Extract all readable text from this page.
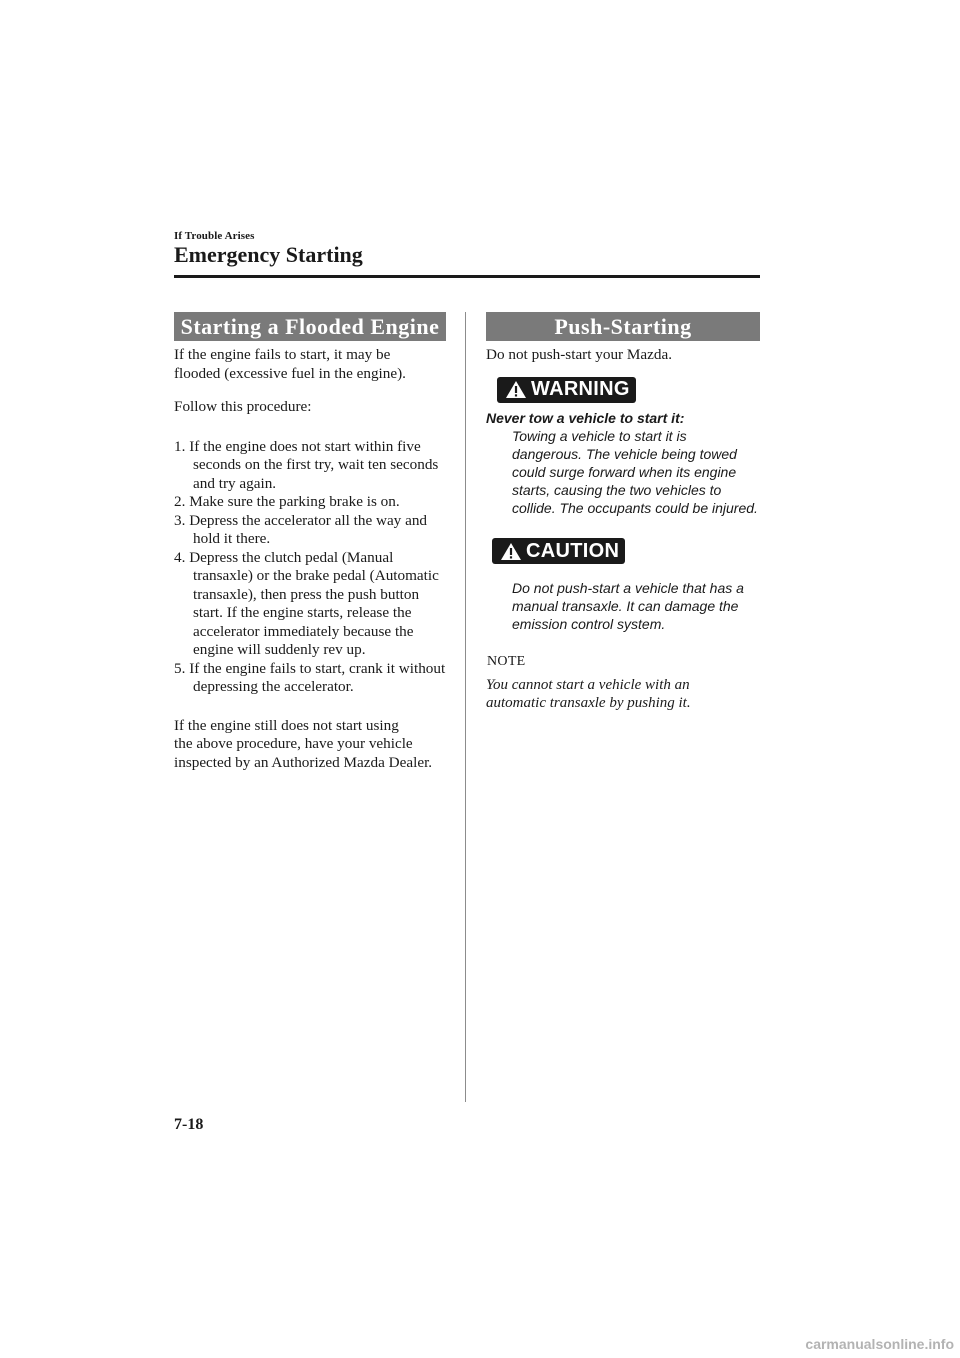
If Trouble Arises
Emergency Starting
Starting a Flooded Engine

If the engine fails to start, it may be

flooded (excessive fuel in the engine).

Follow this procedure:

1. If the engine does not start within five seconds on the first try, wait ten seconds and try again.
2. Make sure the parking brake is on.
3. Depress the accelerator all the way and hold it there.
4. Depress the clutch pedal (Manual transaxle) or the brake pedal (Automatic transaxle), then press the push button start. If the engine starts, release the accelerator immediately because the engine will suddenly rev up.
5. If the engine fails to start, crank it without depressing the accelerator.

If the engine still does not start using

the above procedure, have your vehicle

inspected by an Authorized Mazda Dealer.

Push-Starting

Do not push-start your Mazda.

WARNING

Never tow a vehicle to start it:

Towing a vehicle to start it is

dangerous. The vehicle being towed

could surge forward when its engine

starts, causing the two vehicles to

collide. The occupants could be injured.

CAUTION

Do not push-start a vehicle that has a

manual transaxle. It can damage the

emission control system.

NOTE

You cannot start a vehicle with an

automatic transaxle by pushing it.

7-18
carmanualsonline.info
